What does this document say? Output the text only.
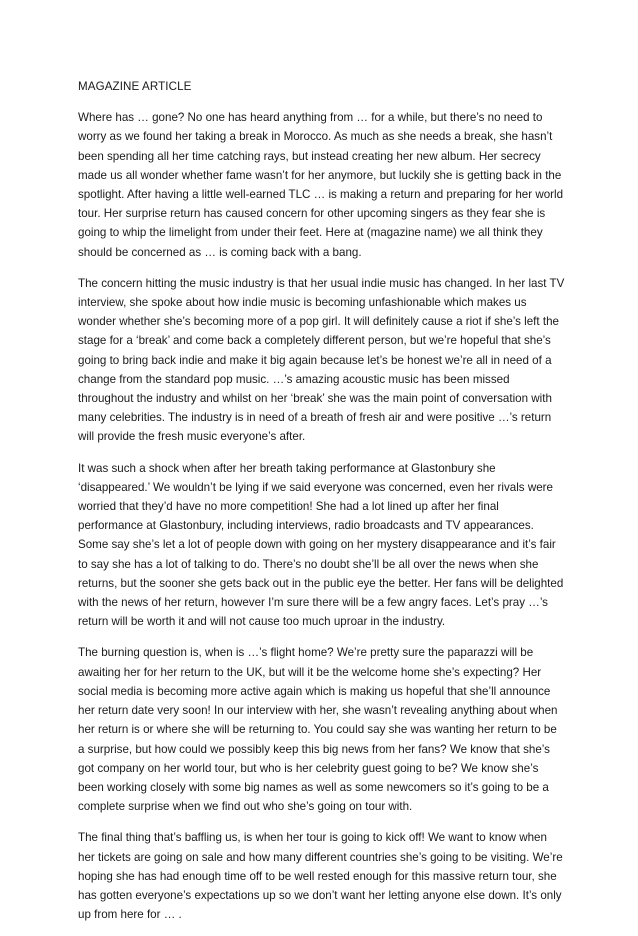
MAGAZINE ARTICLE

Where has … gone? No one has heard anything from … for a while, but there’s no need to worry as we found her taking a break in Morocco. As much as she needs a break, she hasn’t been spending all her time catching rays, but instead creating her new album. Her secrecy made us all wonder whether fame wasn’t for her anymore, but luckily she is getting back in the spotlight. After having a little well-earned TLC … is making a return and preparing for her world tour. Her surprise return has caused concern for other upcoming singers as they fear she is going to whip the limelight from under their feet. Here at (magazine name) we all think they should be concerned as … is coming back with a bang.

The concern hitting the music industry is that her usual indie music has changed. In her last TV interview, she spoke about how indie music is becoming unfashionable which makes us wonder whether she’s becoming more of a pop girl. It will definitely cause a riot if she’s left the stage for a ‘break’ and come back a completely different person, but we’re hopeful that she’s going to bring back indie and make it big again because let’s be honest we’re all in need of a change from the standard pop music. …’s amazing acoustic music has been missed throughout the industry and whilst on her ‘break’ she was the main point of conversation with many celebrities. The industry is in need of a breath of fresh air and were positive …’s return will provide the fresh music everyone’s after.

It was such a shock when after her breath taking performance at Glastonbury she ‘disappeared.’ We wouldn’t be lying if we said everyone was concerned, even her rivals were worried that they’d have no more competition! She had a lot lined up after her final performance at Glastonbury, including interviews, radio broadcasts and TV appearances. Some say she’s let a lot of people down with going on her mystery disappearance and it’s fair to say she has a lot of talking to do. There’s no doubt she’ll be all over the news when she returns, but the sooner she gets back out in the public eye the better. Her fans will be delighted with the news of her return, however I’m sure there will be a few angry faces. Let’s pray …’s return will be worth it and will not cause too much uproar in the industry.

The burning question is, when is …’s flight home? We’re pretty sure the paparazzi will be awaiting her for her return to the UK, but will it be the welcome home she’s expecting? Her social media is becoming more active again which is making us hopeful that she’ll announce her return date very soon! In our interview with her, she wasn’t revealing anything about when her return is or where she will be returning to. You could say she was wanting her return to be a surprise, but how could we possibly keep this big news from her fans? We know that she’s got company on her world tour, but who is her celebrity guest going to be? We know she’s been working closely with some big names as well as some newcomers so it’s going to be a complete surprise when we find out who she’s going on tour with.

The final thing that’s baffling us, is when her tour is going to kick off! We want to know when her tickets are going on sale and how many different countries she’s going to be visiting. We’re hoping she has had enough time off to be well rested enough for this massive return tour, she has gotten everyone’s expectations up so we don’t want her letting anyone else down. It’s only up from here for … .
